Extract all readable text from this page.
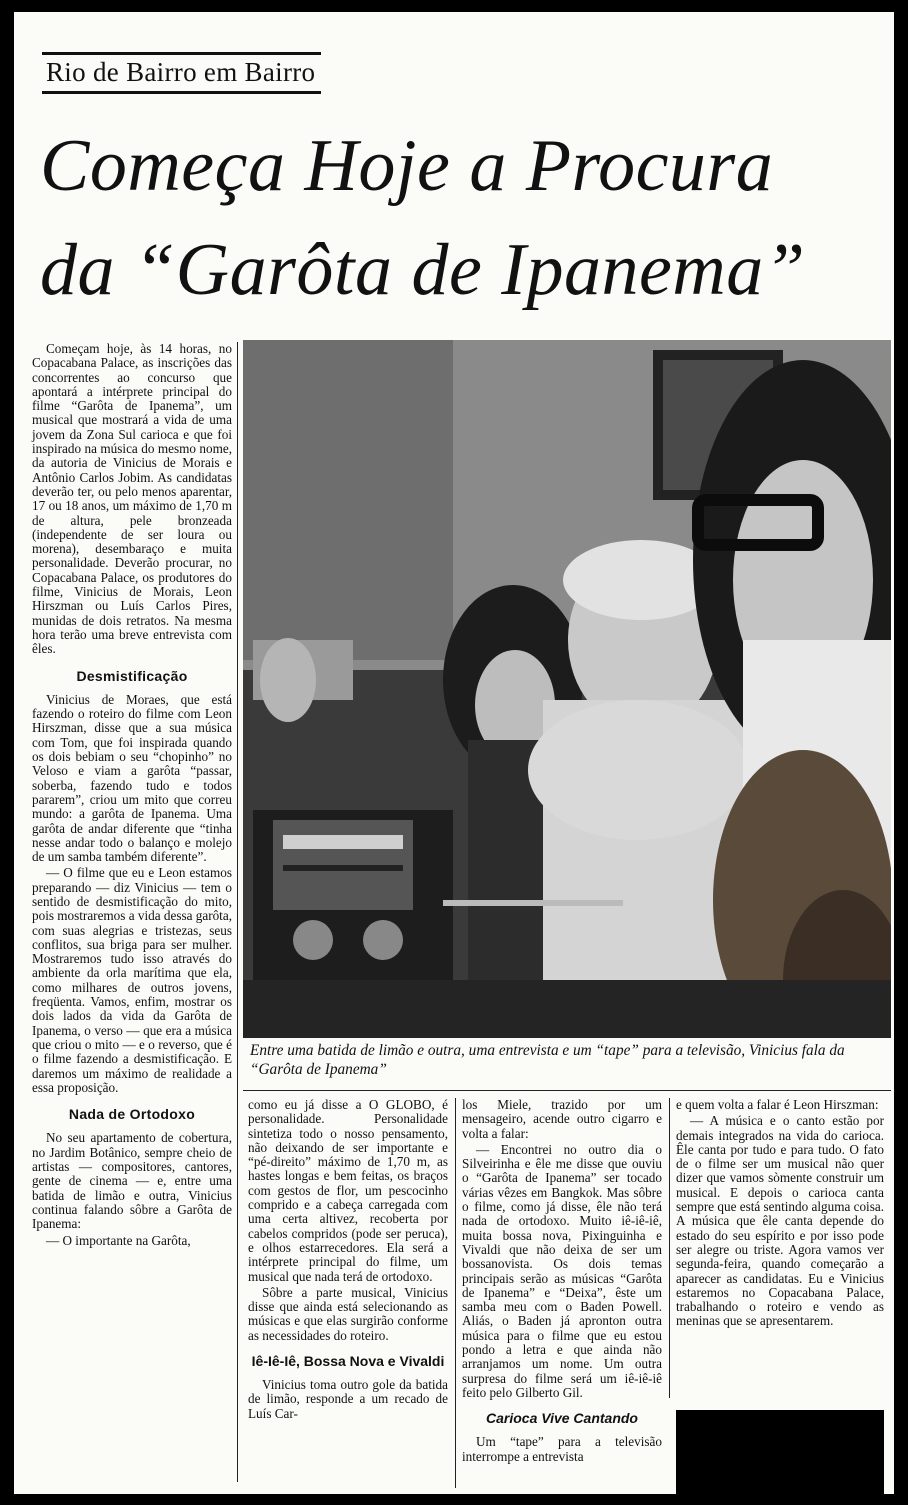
Rio de Bairro em Bairro
Começa Hoje a Procura
da “Garôta de Ipanema”

Começam hoje, às 14 horas, no Copacabana Palace, as inscrições das concorrentes ao concurso que apontará a intérprete principal do filme “Garôta de Ipanema”, um musical que mostrará a vida de uma jovem da Zona Sul carioca e que foi inspirado na música do mesmo nome, da autoria de Vinicius de Morais e Antônio Carlos Jobim. As candidatas deverão ter, ou pelo menos aparentar, 17 ou 18 anos, um máximo de 1,70 m de altura, pele bronzeada (independente de ser loura ou morena), desembaraço e muita personalidade. Deverão procurar, no Copacabana Palace, os produtores do filme, Vinicius de Morais, Leon Hirszman ou Luís Carlos Pires, munidas de dois retratos. Na mesma hora terão uma breve entrevista com êles.

Desmistificação

Vinicius de Moraes, que está fazendo o roteiro do filme com Leon Hirszman, disse que a sua música com Tom, que foi inspirada quando os dois bebiam o seu “chopinho” no Veloso e viam a garôta “passar, soberba, fazendo tudo e todos pararem”, criou um mito que correu mundo: a garôta de Ipanema. Uma garôta de andar diferente que “tinha nesse andar todo o balanço e molejo de um samba também diferente”.

— O filme que eu e Leon estamos preparando — diz Vinicius — tem o sentido de desmistificação do mito, pois mostraremos a vida dessa garôta, com suas alegrias e tristezas, seus conflitos, sua briga para ser mulher. Mostraremos tudo isso através do ambiente da orla marítima que ela, como milhares de outros jovens, freqüenta. Vamos, enfim, mostrar os dois lados da vida da Garôta de Ipanema, o verso — que era a música que criou o mito — e o reverso, que é o filme fazendo a desmistificação. E daremos um máximo de realidade a essa proposição.

Nada de Ortodoxo

No seu apartamento de cobertura, no Jardim Botânico, sempre cheio de artistas — compositores, cantores, gente de cinema — e, entre uma batida de limão e outra, Vinicius continua falando sôbre a Garôta de Ipanema:

— O importante na Garôta,

Entre uma batida de limão e outra, uma entrevista e um “tape” para a televisão, Vinicius fala da “Garôta de Ipanema”

como eu já disse a O GLOBO, é personalidade. Personalidade sintetiza todo o nosso pensamento, não deixando de ser importante e “pé-direito” máximo de 1,70 m, as hastes longas e bem feitas, os braços com gestos de flor, um pescocinho comprido e a cabeça carregada com uma certa altivez, recoberta por cabelos compridos (pode ser peruca), e olhos estarrecedores. Ela será a intérprete principal do filme, um musical que nada terá de ortodoxo.

Sôbre a parte musical, Vinicius disse que ainda está selecionando as músicas e que elas surgirão conforme as necessidades do roteiro.

Iê-Iê-Iê, Bossa Nova e Vivaldi

Vinicius toma outro gole da batida de limão, responde a um recado de Luís Car-

los Miele, trazido por um mensageiro, acende outro cigarro e volta a falar:

— Encontrei no outro dia o Silveirinha e êle me disse que ouviu o “Garôta de Ipanema” ser tocado várias vêzes em Bangkok. Mas sôbre o filme, como já disse, êle não terá nada de ortodoxo. Muito iê-iê-iê, muita bossa nova, Pixinguinha e Vivaldi que não deixa de ser um bossanovista. Os dois temas principais serão as músicas “Garôta de Ipanema” e “Deixa”, êste um samba meu com o Baden Powell. Aliás, o Baden já apronton outra música para o filme que eu estou pondo a letra e que ainda não arranjamos um nome. Um outra surpresa do filme será um iê-iê-iê feito pelo Gilberto Gil.

Carioca Vive Cantando

Um “tape” para a televisão interrompe a entrevista

e quem volta a falar é Leon Hirszman:

— A música e o canto estão por demais integrados na vida do carioca. Êle canta por tudo e para tudo. O fato de o filme ser um musical não quer dizer que vamos sòmente construir um musical. E depois o carioca canta sempre que está sentindo alguma coisa. A música que êle canta depende do estado do seu espírito e por isso pode ser alegre ou triste. Agora vamos ver segunda-feira, quando começarão a aparecer as candidatas. Eu e Vinicius estaremos no Copacabana Palace, trabalhando o roteiro e vendo as meninas que se apresentarem.
